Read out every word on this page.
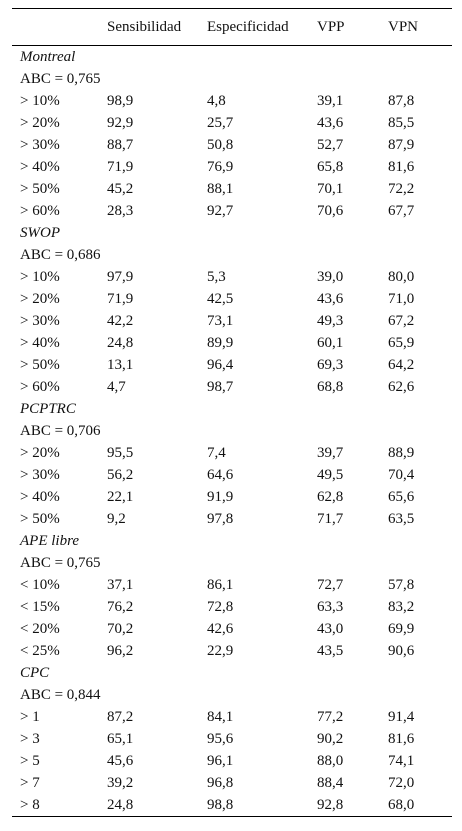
	Sensibilidad	Especificidad	VPP	VPN
Montreal				
ABC = 0,765				
> 10%	98,9	4,8	39,1	87,8
> 20%	92,9	25,7	43,6	85,5
> 30%	88,7	50,8	52,7	87,9
> 40%	71,9	76,9	65,8	81,6
> 50%	45,2	88,1	70,1	72,2
> 60%	28,3	92,7	70,6	67,7
SWOP				
ABC = 0,686				
> 10%	97,9	5,3	39,0	80,0
> 20%	71,9	42,5	43,6	71,0
> 30%	42,2	73,1	49,3	67,2
> 40%	24,8	89,9	60,1	65,9
> 50%	13,1	96,4	69,3	64,2
> 60%	4,7	98,7	68,8	62,6
PCPTRC				
ABC = 0,706				
> 20%	95,5	7,4	39,7	88,9
> 30%	56,2	64,6	49,5	70,4
> 40%	22,1	91,9	62,8	65,6
> 50%	9,2	97,8	71,7	63,5
APE libre				
ABC = 0,765				
< 10%	37,1	86,1	72,7	57,8
< 15%	76,2	72,8	63,3	83,2
< 20%	70,2	42,6	43,0	69,9
< 25%	96,2	22,9	43,5	90,6
CPC				
ABC = 0,844				
> 1	87,2	84,1	77,2	91,4
> 3	65,1	95,6	90,2	81,6
> 5	45,6	96,1	88,0	74,1
> 7	39,2	96,8	88,4	72,0
> 8	24,8	98,8	92,8	68,0
